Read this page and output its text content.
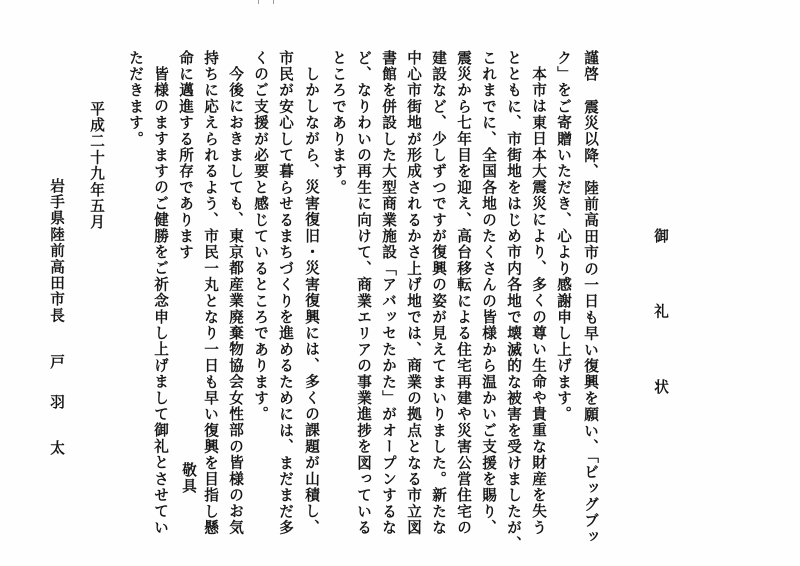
御 礼 状
謹啓
震災以降、陸前高田市の一日も早い復興を願い、「ビッグブッ
ク」をご寄贈いただき、心より感謝申し上げます。
本市は東日本大震災により、多くの尊い生命や貴重な財産を失う
とともに、市街地をはじめ市内各地で壊滅的な被害を受けましたが、
これまでに、全国各地のたくさんの皆様から温かいご支援を賜り、
震災から七年目を迎え、高台移転による住宅再建や災害公営住宅の
建設など、少しずつですが復興の姿が見えてまいりました。新たな
中心市街地が形成されるかさ上げ地では、商業の拠点となる市立図
書館を併設した大型商業施設「アバッセたかた」がオープンするな
ど、なりわいの再生に向けて、商業エリアの事業進捗を図っている
ところであります。
しかしながら、災害復旧・災害復興には、多くの課題が山積し、
市民が安心して暮らせるまちづくりを進めるためには、まだまだ多
くのご支援が必要と感じているところであります。
今後におきましても、東京都産業廃棄物協会女性部の皆様のお気
持ちに応えられるよう、市民一丸となり一日も早い復興を目指し懸
命に邁進する所存であります
皆様のますますのご健勝をご祈念申し上げまして御礼とさせてい
ただきます。
敬具
平成二十九年五月
岩手県陸前高田市長
戸
羽
太
